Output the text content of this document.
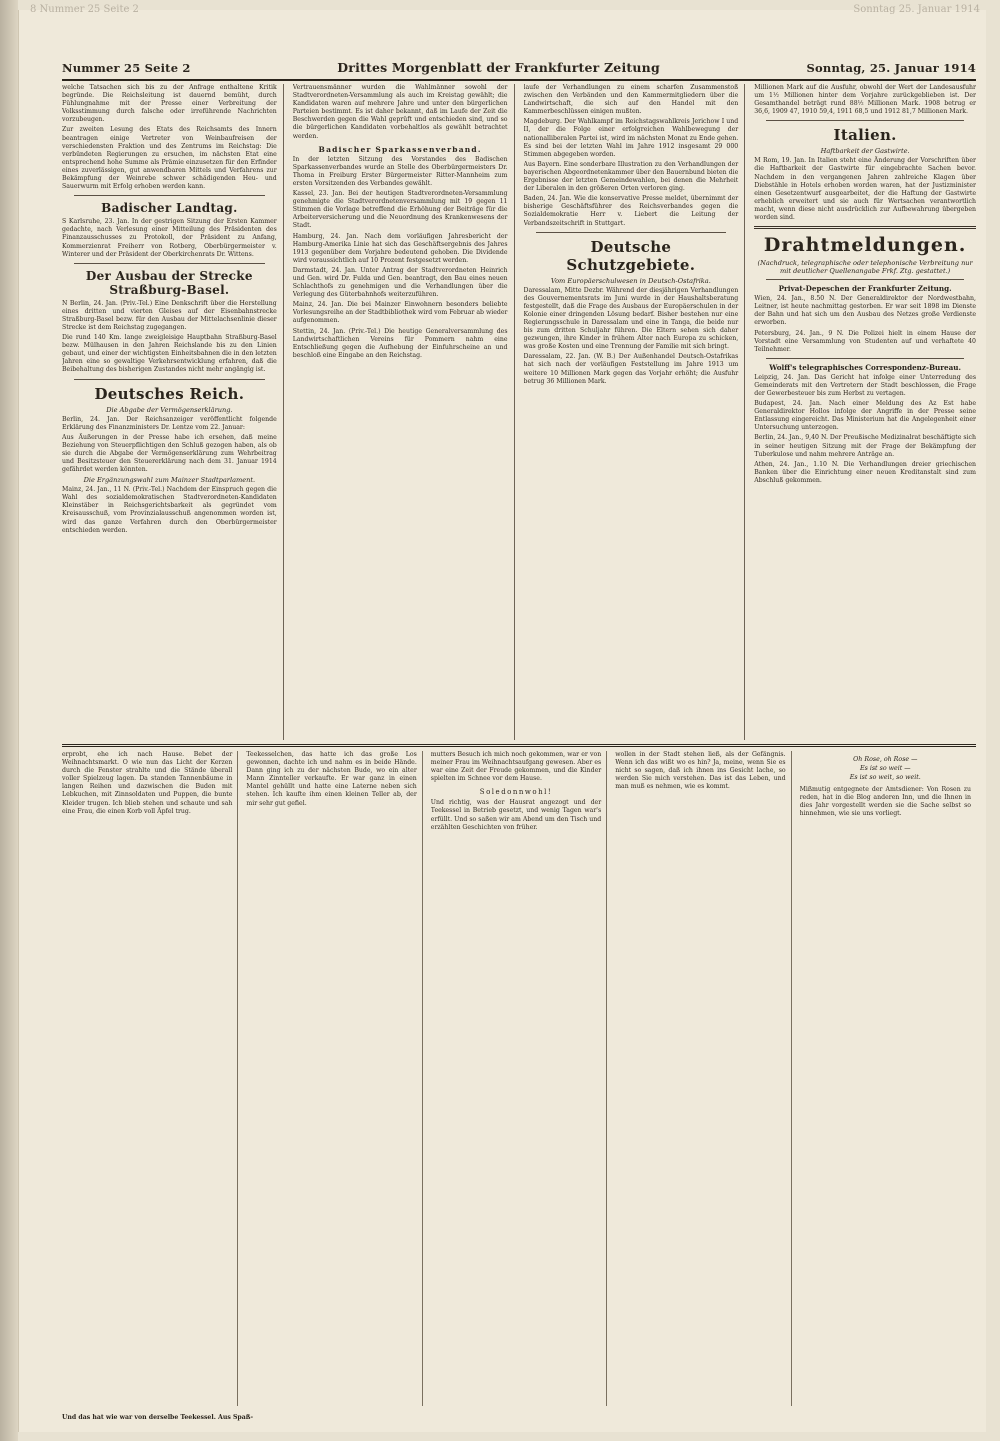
8 Nummer 25 Seite 2	Sonntag 25. Januar 1914
Nummer 25 Seite 2	Drittes Morgenblatt der Frankfurter Zeitung	Sonntag, 25. Januar 1914

welche Tatsachen sich bis zu der Anfrage enthaltene Kritik begründe. Die Reichsleitung ist dauernd bemüht, durch Fühlungnahme mit der Presse einer Verbreitung der Volksstimmung durch falsche oder irreführende Nachrichten vorzubeugen.

Zur zweiten Lesung des Etats des Reichsamts des Innern beantragen einige Vertreter von Weinbaufreisen der verschiedensten Fraktion und des Zentrums im Reichstag: Die verbündeten Regierungen zu ersuchen, im nächsten Etat eine entsprechend hohe Summe als Prämie einzusetzen für den Erfinder eines zuverlässigen, gut anwendbaren Mittels und Verfahrens zur Bekämpfung der Weinrebe schwer schädigenden Heu- und Sauerwurm mit Erfolg erhoben werden kann.

Badischer Landtag.

S Karlsruhe, 23. Jan. In der gestrigen Sitzung der Ersten Kammer gedachte, nach Verlesung einer Mitteilung des Präsidenten des Finanzausschusses zu Protokoll, der Präsident zu Anfang, Kommerzienrat Freiherr von Rotberg, Oberbürgermeister v. Winterer und der Präsident der Oberkirchenrats Dr. Wittens.

Der Ausbau der Strecke Straßburg-Basel.

N Berlin, 24. Jan. (Priv.-Tel.) Eine Denkschrift über die Herstellung eines dritten und vierten Gleises auf der Eisenbahnstrecke Straßburg-Basel bezw. für den Ausbau der Mittelachsenlinie dieser Strecke ist dem Reichstag zugegangen.

Die rund 140 Km. lange zweigleisige Hauptbahn Straßburg-Basel bezw. Mülhausen in den Jahren Reichslande bis zu den Linien gebaut, und einer der wichtigsten Einheitsbahnen die in den letzten Jahren eine so gewaltige Verkehrsentwicklung erfahren, daß die Beibehaltung des bisherigen Zustandes nicht mehr angängig ist.

Deutsches Reich.
Die Abgabe der Vermögenserklärung.

Berlin, 24. Jan. Der Reichsanzeiger veröffentlicht folgende Erklärung des Finanzministers Dr. Lentze vom 22. Januar:

Aus Äußerungen in der Presse habe ich ersehen, daß meine Beziehung von Steuerpflichtigen den Schluß gezogen haben, als ob sie durch die Abgabe der Vermögenserklärung zum Wehrbeitrag und Besitzsteuer den Steuererklärung nach dem 31. Januar 1914 gefährdet werden könnten.

Die Ergänzungswahl zum Mainzer Stadtparlament.

Mainz, 24. Jan., 11 N. (Priv.-Tel.) Nachdem der Einspruch gegen die Wahl des sozialdemokratischen Stadtverordneten-Kandidaten Kleinstäber in Reichsgerichtsbarkeit als gegründet vom Kreisausschuß, vom Provinzialausschuß angenommen worden ist, wird das ganze Verfahren durch den Oberbürgermeister entschieden werden.

Vertrauensmänner wurden die Wahlmänner sowohl der Stadtverordneten-Versammlung als auch im Kreistag gewählt; die Kandidaten waren auf mehrere Jahre und unter den bürgerlichen Parteien bestimmt. Es ist daher bekannt, daß im Laufe der Zeit die Beschwerden gegen die Wahl geprüft und entschieden sind, und so die bürgerlichen Kandidaten vorbehaltlos als gewählt betrachtet werden.

Badischer Sparkassenverband.

In der letzten Sitzung des Vorstandes des Badischen Sparkassenverbandes wurde an Stelle des Oberbürgermeisters Dr. Thoma in Freiburg Erster Bürgermeister Ritter-Mannheim zum ersten Vorsitzenden des Verbandes gewählt.

Kassel, 23. Jan. Bei der heutigen Stadtverordneten-Versammlung genehmigte die Stadtverordnetenversammlung mit 19 gegen 11 Stimmen die Vorlage betreffend die Erhöhung der Beiträge für die Arbeiterversicherung und die Neuordnung des Krankenwesens der Stadt.

Hamburg, 24. Jan. Nach dem vorläufigen Jahresbericht der Hamburg-Amerika Linie hat sich das Geschäftsergebnis des Jahres 1913 gegenüber dem Vorjahre bedeutend gehoben. Die Dividende wird voraussichtlich auf 10 Prozent festgesetzt werden.

Darmstadt, 24. Jan. Unter Antrag der Stadtverordneten Heinrich und Gen. wird Dr. Fulda und Gen. beantragt, den Bau eines neuen Schlachthofs zu genehmigen und die Verhandlungen über die Verlegung des Güterbahnhofs weiterzuführen.

Mainz, 24. Jan. Die bei Mainzer Einwohnern besonders beliebte Vorlesungsreihe an der Stadtbibliothek wird vom Februar ab wieder aufgenommen.

Stettin, 24. Jan. (Priv.-Tel.) Die heutige Generalversammlung des Landwirtschaftlichen Vereins für Pommern nahm eine Entschließung gegen die Aufhebung der Einfuhrscheine an und beschloß eine Eingabe an den Reichstag.

laufe der Verhandlungen zu einem scharfen Zusammenstoß zwischen den Verbänden und den Kammermitgliedern über die Landwirtschaft, die sich auf den Handel mit den Kammerbeschlüssen einigen mußten.

Magdeburg. Der Wahlkampf im Reichstagswahlkreis Jerichow I und II, der die Folge einer erfolgreichen Wahlbewegung der nationalliberalen Partei ist, wird im nächsten Monat zu Ende gehen. Es sind bei der letzten Wahl im Jahre 1912 insgesamt 29 000 Stimmen abgegeben worden.

Aus Bayern. Eine sonderbare Illustration zu den Verhandlungen der bayerischen Abgeordnetenkammer über den Bauernbund bieten die Ergebnisse der letzten Gemeindewahlen, bei denen die Mehrheit der Liberalen in den größeren Orten verloren ging.

Baden, 24. Jan. Wie die konservative Presse meldet, übernimmt der bisherige Geschäftsführer des Reichsverbandes gegen die Sozialdemokratie Herr v. Liebert die Leitung der Verbandszeitschrift in Stuttgart.

Deutsche Schutzgebiete.
Vom Europäerschulwesen in Deutsch-Ostafrika.

Daressalam, Mitte Dezbr. Während der diesjährigen Verhandlungen des Gouvernementsrats im Juni wurde in der Haushaltsberatung festgestellt, daß die Frage des Ausbaus der Europäerschulen in der Kolonie einer dringenden Lösung bedarf. Bisher bestehen nur eine Regierungsschule in Daressalam und eine in Tanga, die beide nur bis zum dritten Schuljahr führen. Die Eltern sehen sich daher gezwungen, ihre Kinder in frühem Alter nach Europa zu schicken, was große Kosten und eine Trennung der Familie mit sich bringt.

Daressalam, 22. Jan. (W. B.) Der Außenhandel Deutsch-Ostafrikas hat sich nach der vorläufigen Feststellung im Jahre 1913 um weitere 10 Millionen Mark gegen das Vorjahr erhöht; die Ausfuhr betrug 36 Millionen Mark.

Millionen Mark auf die Ausfuhr, obwohl der Wert der Landesausfuhr um 1½ Millionen hinter dem Vorjahre zurückgeblieben ist. Der Gesamthandel beträgt rund 88½ Millionen Mark. 1908 betrug er 36,6, 1909 47, 1910 59,4, 1911 68,5 und 1912 81,7 Millionen Mark.

Italien.
Haftbarkeit der Gastwirte.

M Rom, 19. Jan. In Italien steht eine Änderung der Vorschriften über die Haftbarkeit der Gastwirte für eingebrachte Sachen bevor. Nachdem in den vergangenen Jahren zahlreiche Klagen über Diebstähle in Hotels erhoben worden waren, hat der Justizminister einen Gesetzentwurf ausgearbeitet, der die Haftung der Gastwirte erheblich erweitert und sie auch für Wertsachen verantwortlich macht, wenn diese nicht ausdrücklich zur Aufbewahrung übergeben worden sind.

Drahtmeldungen.
(Nachdruck, telegraphische oder telephonische Verbreitung nur mit deutlicher Quellenangabe Frkf. Ztg. gestattet.)
Privat-Depeschen der Frankfurter Zeitung.

Wien, 24. Jan., 8.50 N. Der Generaldirektor der Nordwestbahn, Leitner, ist heute nachmittag gestorben. Er war seit 1898 im Dienste der Bahn und hat sich um den Ausbau des Netzes große Verdienste erworben.

Petersburg, 24. Jan., 9 N. Die Polizei hielt in einem Hause der Vorstadt eine Versammlung von Studenten auf und verhaftete 40 Teilnehmer.

Wolff's telegraphisches Correspondenz-Bureau.

Leipzig, 24. Jan. Das Gericht hat infolge einer Unterredung des Gemeinderats mit den Vertretern der Stadt beschlossen, die Frage der Gewerbesteuer bis zum Herbst zu vertagen.

Budapest, 24. Jan. Nach einer Meldung des Az Est habe Generaldirektor Hollos infolge der Angriffe in der Presse seine Entlassung eingereicht. Das Ministerium hat die Angelegenheit einer Untersuchung unterzogen.

Berlin, 24. Jan., 9,40 N. Der Preußische Medizinalrat beschäftigte sich in seiner heutigen Sitzung mit der Frage der Bekämpfung der Tuberkulose und nahm mehrere Anträge an.

Athen, 24. Jan., 1.10 N. Die Verhandlungen dreier griechischen Banken über die Einrichtung einer neuen Kreditanstalt sind zum Abschluß gekommen.

erprobt, ehe ich nach Hause. Bebet der Weihnachtsmarkt. O wie nun das Licht der Kerzen durch die Fenster strahlte und die Stände überall voller Spielzeug lagen. Da standen Tannenbäume in langen Reihen und dazwischen die Buden mit Lebkuchen, mit Zinnsoldaten und Puppen, die bunte Kleider trugen. Ich blieb stehen und schaute und sah eine Frau, die einen Korb voll Äpfel trug.

Teekesselchen, das hatte ich das große Los gewonnen, dachte ich und nahm es in beide Hände. Dann ging ich zu der nächsten Bude, wo ein alter Mann Zinnteller verkaufte. Er war ganz in einen Mantel gehüllt und hatte eine Laterne neben sich stehen. Ich kaufte ihm einen kleinen Teller ab, der mir sehr gut gefiel.

mutters Besuch ich mich noch gekommen, war er von meiner Frau im Weihnachtsaufgang gewesen. Aber es war eine Zeit der Freude gekommen, und die Kinder spielten im Schnee vor dem Hause.

Soledonnwohl!

Und richtig, was der Hausrat angezogt und der Teekessel in Betrieb gesetzt, und wenig Tagen war's erfüllt. Und so saßen wir am Abend um den Tisch und erzählten Geschichten von früher.

wollen in der Stadt stehen ließ, als der Gefängnis. Wenn ich das wißt wo es hin? Ja, meine, wenn Sie es nicht so sagen, daß ich ihnen ins Gesicht lache, so werden Sie mich verstehen. Das ist das Leben, und man muß es nehmen, wie es kommt.

Oh Rose, oh Rose —
Es ist so weit —
Es ist so weit, so weit.

Mißmutig entgegnete der Amtsdiener: Von Rosen zu reden, hat in die Blog anderen Inn, und die Ihnen in dies Jahr vorgestellt werden sie die Sache selbst so hinnehmen, wie sie uns vorliegt.

Und das hat wie war von derselbe Teekessel. Aus Spaß-
